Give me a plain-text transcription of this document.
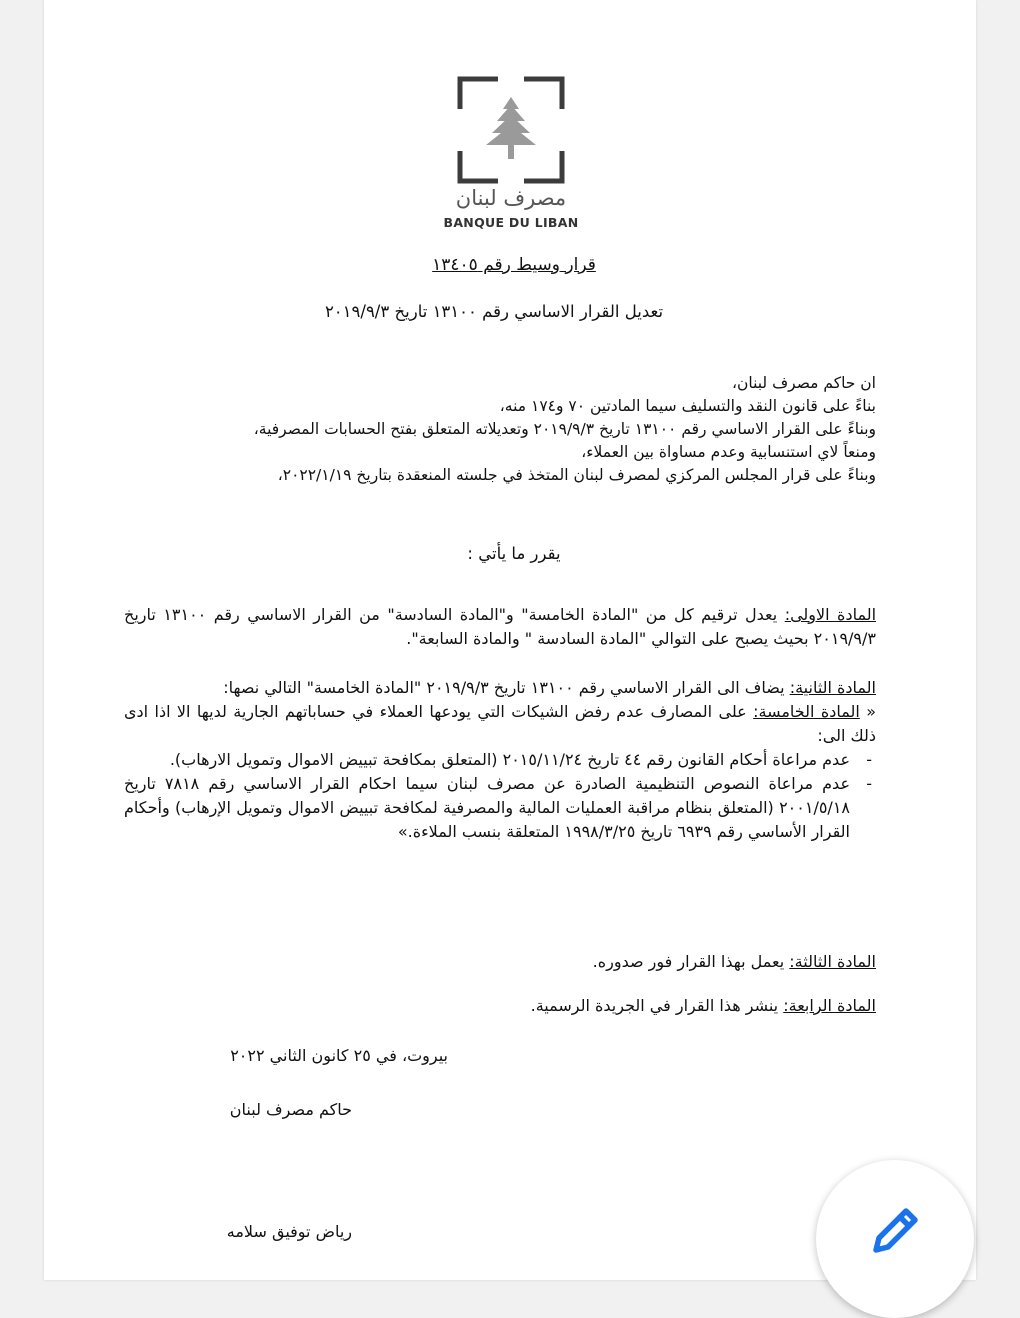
مصرف لبنان
BANQUE DU LIBAN
قرار وسيط رقم ١٣٤٠٥
تعديل القرار الاساسي رقم ١٣١٠٠ تاريخ ٢٠١٩/٩/٣

ان حاكم مصرف لبنان،

بناءً على قانون النقد والتسليف سيما المادتين ٧٠ و١٧٤ منه،

وبناءً على القرار الاساسي رقم ١٣١٠٠ تاريخ ٢٠١٩/٩/٣ وتعديلاته المتعلق بفتح الحسابات المصرفية،

ومنعاً لاي استنسابية وعدم مساواة بين العملاء،

وبناءً على قرار المجلس المركزي لمصرف لبنان المتخذ في جلسته المنعقدة بتاريخ ٢٠٢٢/١/١٩،

يقرر ما يأتي :

المادة الاولى: يعدل ترقيم كل من "المادة الخامسة" و"المادة السادسة" من القرار الاساسي رقم ١٣١٠٠ تاريخ ٢٠١٩/٩/٣ بحيث يصبح على التوالي "المادة السادسة " والمادة السابعة".

المادة الثانية: يضاف الى القرار الاساسي رقم ١٣١٠٠ تاريخ ٢٠١٩/٩/٣ "المادة الخامسة" التالي نصها:

« المادة الخامسة: على المصارف عدم رفض الشيكات التي يودعها العملاء في حساباتهم الجارية لديها الا اذا ادى ذلك الى:

-
عدم مراعاة أحكام القانون رقم ٤٤ تاريخ ٢٠١٥/١١/٢٤ (المتعلق بمكافحة تبييض الاموال وتمويل الارهاب).
-
عدم مراعاة النصوص التنظيمية الصادرة عن مصرف لبنان سيما احكام القرار الاساسي رقم ٧٨١٨ تاريخ ٢٠٠١/٥/١٨ (المتعلق بنظام مراقبة العمليات المالية والمصرفية لمكافحة تبييض الاموال وتمويل الإرهاب) وأحكام القرار الأساسي رقم ٦٩٣٩ تاريخ ١٩٩٨/٣/٢٥ المتعلقة بنسب الملاءة.»

المادة الثالثة: يعمل بهذا القرار فور صدوره.

المادة الرابعة: ينشر هذا القرار في الجريدة الرسمية.

بيروت، في ٢٥ كانون الثاني ٢٠٢٢
حاكم مصرف لبنان
رياض توفيق سلامه
